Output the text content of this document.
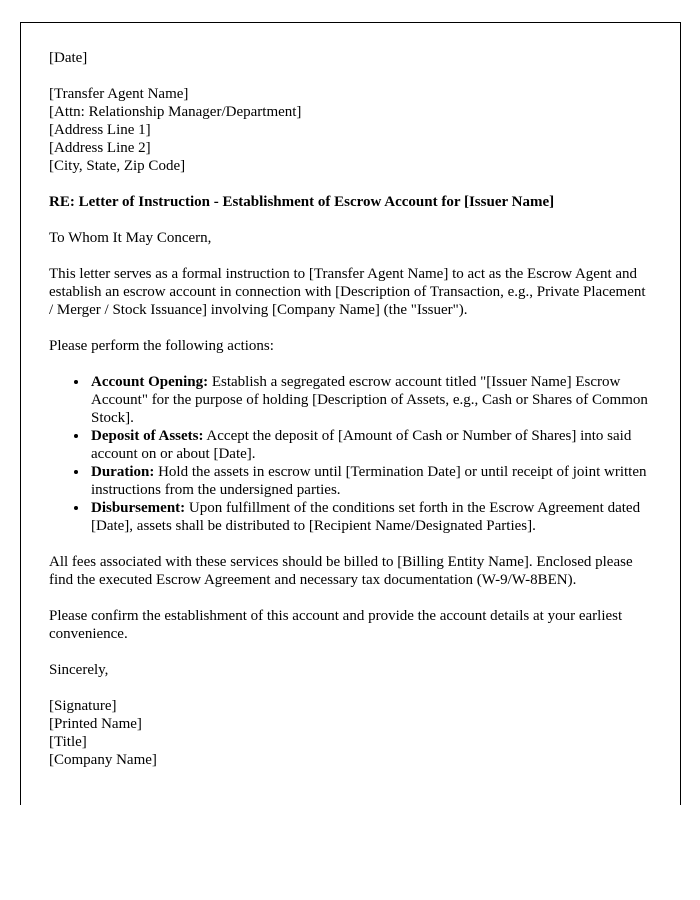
[Date]

[Transfer Agent Name]

[Attn: Relationship Manager/Department]

[Address Line 1]

[Address Line 2]

[City, State, Zip Code]

RE: Letter of Instruction - Establishment of Escrow Account for [Issuer Name]

To Whom It May Concern,

This letter serves as a formal instruction to [Transfer Agent Name] to act as the Escrow Agent and establish an escrow account in connection with [Description of Transaction, e.g., Private Placement / Merger / Stock Issuance] involving [Company Name] (the "Issuer").

Please perform the following actions:

• Account Opening: Establish a segregated escrow account titled "[Issuer Name] Escrow Account" for the purpose of holding [Description of Assets, e.g., Cash or Shares of Common Stock].
• Deposit of Assets: Accept the deposit of [Amount of Cash or Number of Shares] into said account on or about [Date].
• Duration: Hold the assets in escrow until [Termination Date] or until receipt of joint written instructions from the undersigned parties.
• Disbursement: Upon fulfillment of the conditions set forth in the Escrow Agreement dated [Date], assets shall be distributed to [Recipient Name/Designated Parties].

All fees associated with these services should be billed to [Billing Entity Name]. Enclosed please find the executed Escrow Agreement and necessary tax documentation (W-9/W-8BEN).

Please confirm the establishment of this account and provide the account details at your earliest convenience.

Sincerely,

[Signature]

[Printed Name]

[Title]

[Company Name]
